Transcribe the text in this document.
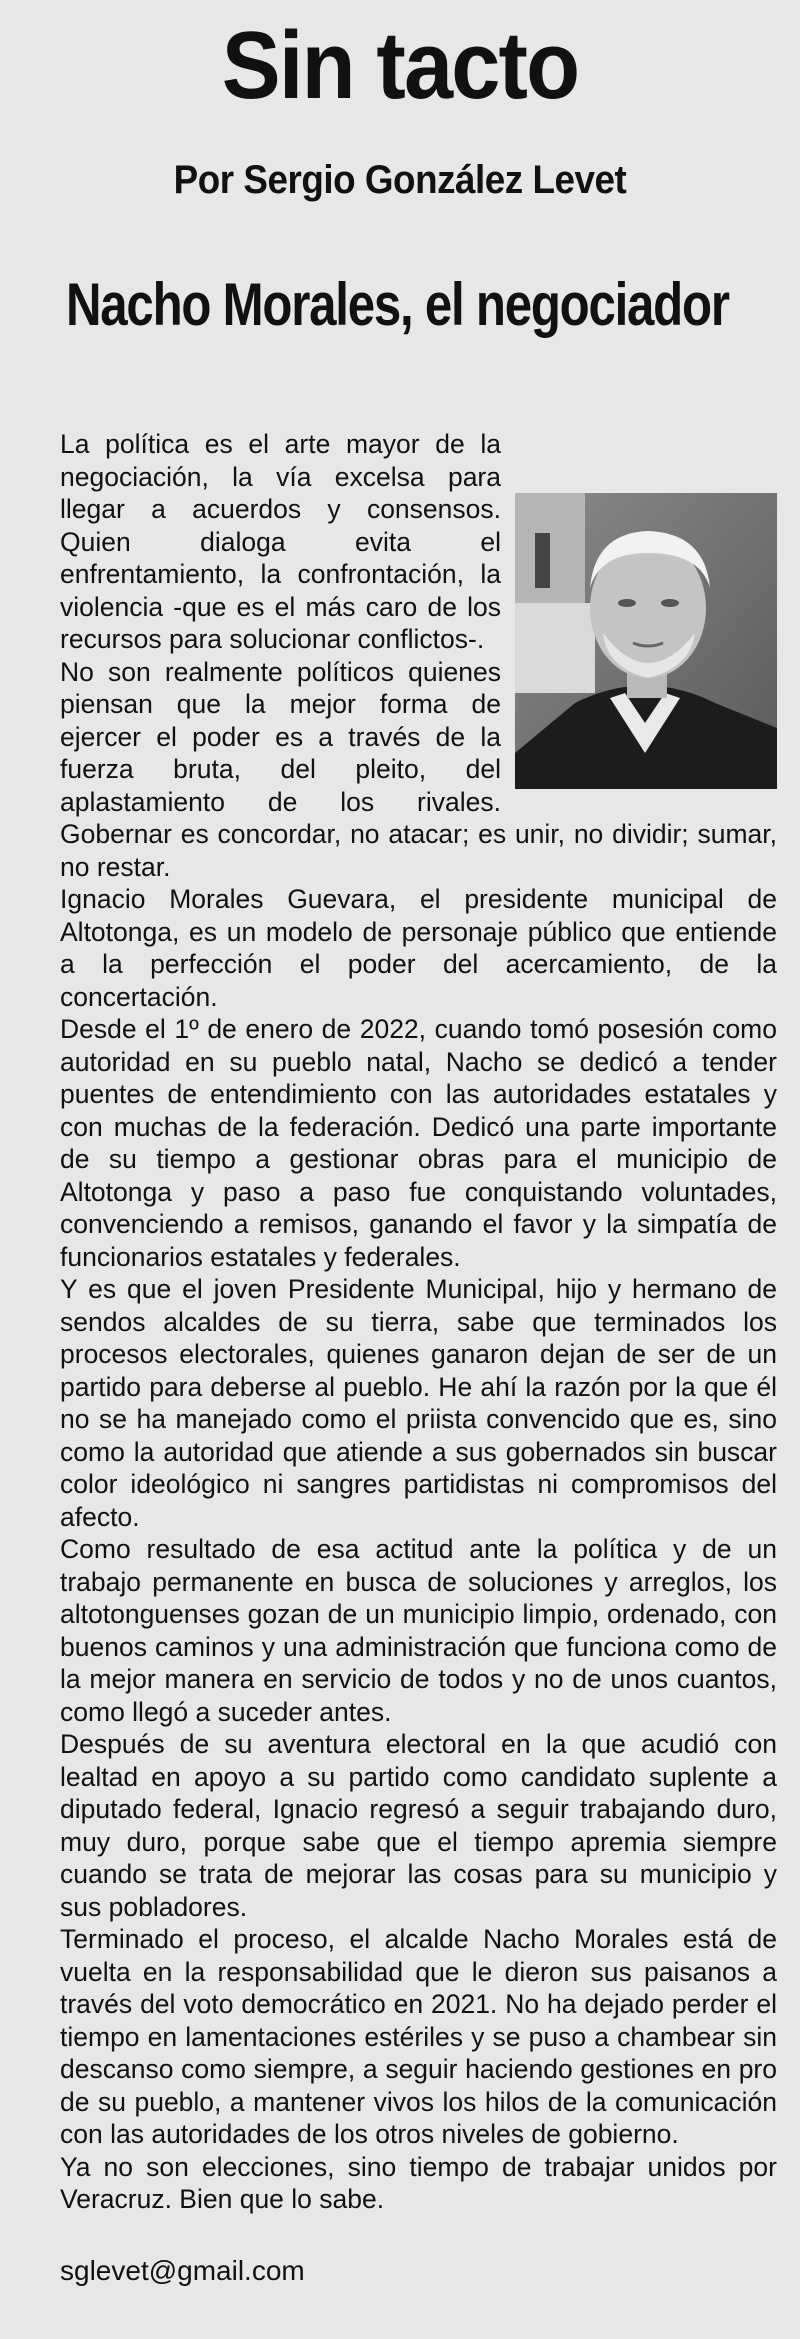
Sin tacto
Por Sergio González Levet
Nacho Morales, el negociador

La política es el arte mayor de la negociación, la vía excelsa para llegar a acuerdos y consensos. Quien dialoga evita el enfrentamiento, la confrontación, la violencia -que es el más caro de los recursos para solucionar conflictos-.

No son realmente políticos quienes piensan que la mejor forma de ejercer el poder es a través de la fuerza bruta, del pleito, del aplastamiento de los rivales. Gobernar es concordar, no atacar; es unir, no dividir; sumar, no restar.

Ignacio Morales Guevara, el presidente municipal de Altotonga, es un modelo de personaje público que entiende a la perfección el poder del acercamiento, de la concertación.

Desde el 1º de enero de 2022, cuando tomó posesión como autoridad en su pueblo natal, Nacho se dedicó a tender puentes de entendimiento con las autoridades estatales y con muchas de la federación. Dedicó una parte importante de su tiempo a gestionar obras para el municipio de Altotonga y paso a paso fue conquistando voluntades, convenciendo a remisos, ganando el favor y la simpatía de funcionarios estatales y federales.

Y es que el joven Presidente Municipal, hijo y hermano de sendos alcaldes de su tierra, sabe que terminados los procesos electorales, quienes ganaron dejan de ser de un partido para deberse al pueblo. He ahí la razón por la que él no se ha manejado como el priista convencido que es, sino como la autoridad que atiende a sus gobernados sin buscar color ideológico ni sangres partidistas ni compromisos del afecto.

Como resultado de esa actitud ante la política y de un trabajo permanente en busca de soluciones y arreglos, los altotonguenses gozan de un municipio limpio, ordenado, con buenos caminos y una administración que funciona como de la mejor manera en servicio de todos y no de unos cuantos, como llegó a suceder antes.

Después de su aventura electoral en la que acudió con lealtad en apoyo a su partido como candidato suplente a diputado federal, Ignacio regresó a seguir trabajando duro, muy duro, porque sabe que el tiempo apremia siempre cuando se trata de mejorar las cosas para su municipio y sus pobladores.

Terminado el proceso, el alcalde Nacho Morales está de vuelta en la responsabilidad que le dieron sus paisanos a través del voto democrático en 2021. No ha dejado perder el tiempo en lamentaciones estériles y se puso a chambear sin descanso como siempre, a seguir haciendo gestiones en pro de su pueblo, a mantener vivos los hilos de la comunicación con las autoridades de los otros niveles de gobierno.

Ya no son elecciones, sino tiempo de trabajar unidos por Veracruz. Bien que lo sabe.

sglevet@gmail.com
